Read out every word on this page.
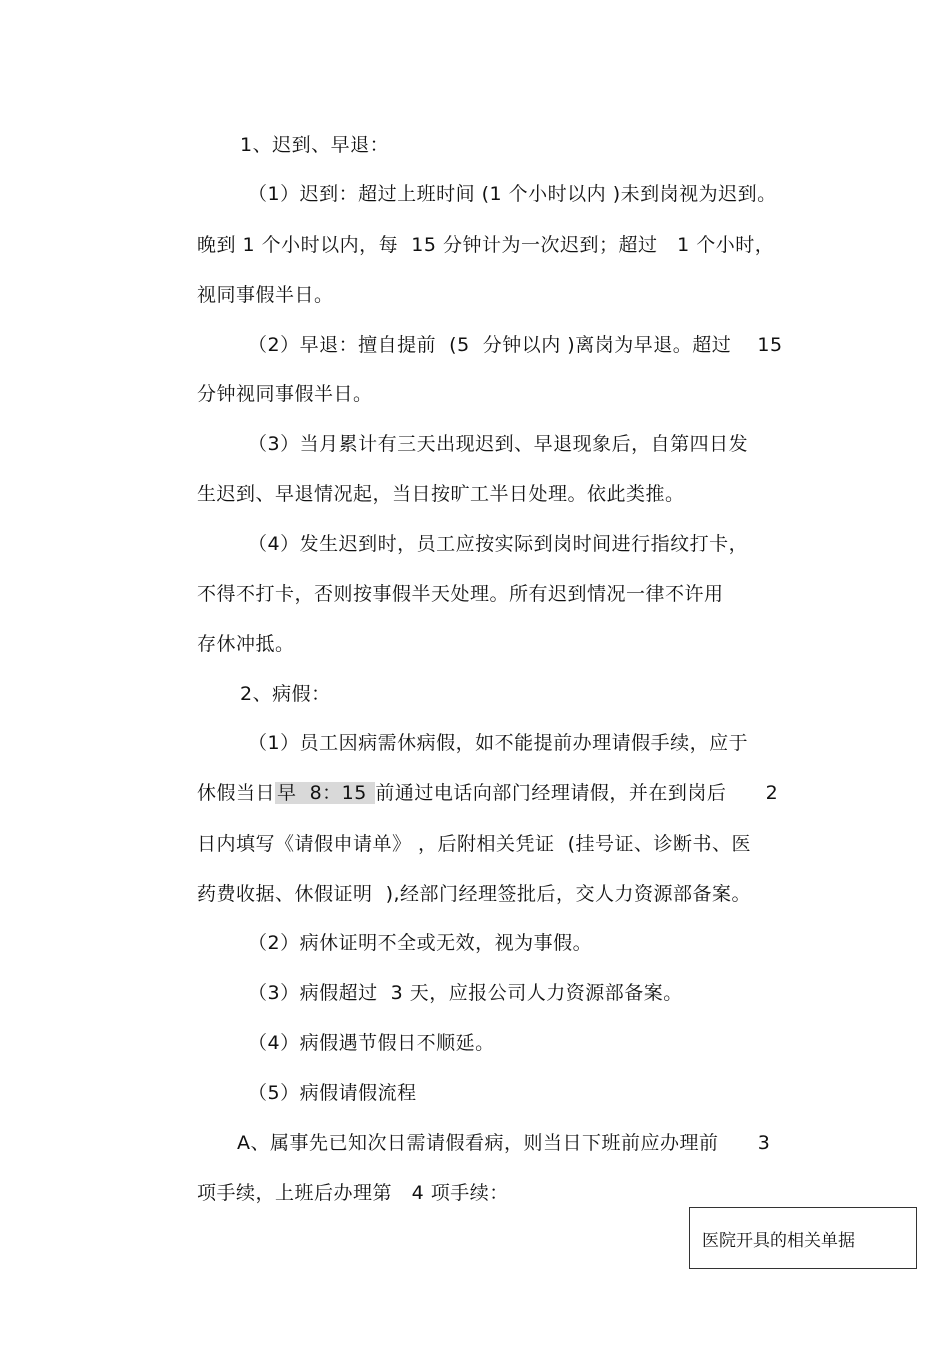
1、迟到、早退：
（1）迟到：超过上班时间 (1 个小时以内 )未到岗视为迟到。
晚到 1 个小时以内，每  15 分钟计为一次迟到；超过   1 个小时，
视同事假半日。
（2）早退：擅自提前  (5  分钟以内 )离岗为早退。超过    15
分钟视同事假半日。
（3）当月累计有三天出现迟到、早退现象后，自第四日发
生迟到、早退情况起，当日按旷工半日处理。依此类推。
（4）发生迟到时，员工应按实际到岗时间进行指纹打卡，
不得不打卡，否则按事假半天处理。所有迟到情况一律不许用
存休冲抵。
2、病假：
（1）员工因病需休病假，如不能提前办理请假手续，应于
休假当日 早  8：15 前通过电话向部门经理请假，并在到岗后      2
日内填写《请假申请单》 ，后附相关凭证  (挂号证、诊断书、医
药费收据、休假证明  ),经部门经理签批后，交人力资源部备案。
（2）病休证明不全或无效，视为事假。
（3）病假超过  3 天，应报公司人力资源部备案。
（4）病假遇节假日不顺延。
（5）病假请假流程
A、属事先已知次日需请假看病，则当日下班前应办理前      3
项手续，上班后办理第   4 项手续：
医院开具的相关单据
